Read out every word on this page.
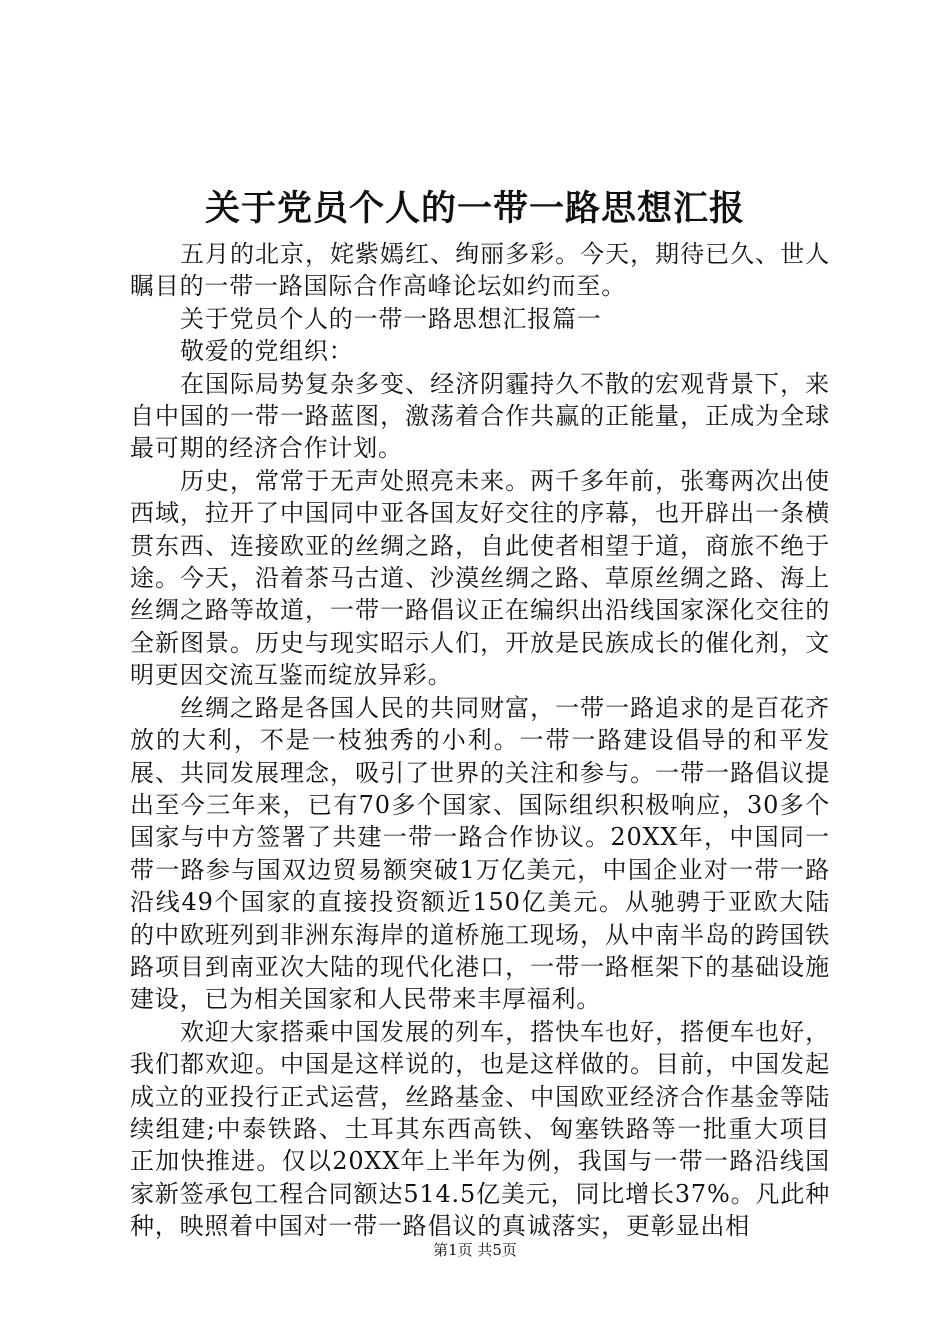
关于党员个人的一带一路思想汇报

五月的北京，姹紫嫣红、绚丽多彩。今天，期待已久、世人瞩目的一带一路国际合作高峰论坛如约而至。

关于党员个人的一带一路思想汇报篇一

敬爱的党组织：

在国际局势复杂多变、经济阴霾持久不散的宏观背景下，来自中国的一带一路蓝图，激荡着合作共赢的正能量，正成为全球最可期的经济合作计划。

历史，常常于无声处照亮未来。两千多年前，张骞两次出使西域，拉开了中国同中亚各国友好交往的序幕，也开辟出一条横贯东西、连接欧亚的丝绸之路，自此使者相望于道，商旅不绝于途。今天，沿着茶马古道、沙漠丝绸之路、草原丝绸之路、海上丝绸之路等故道，一带一路倡议正在编织出沿线国家深化交往的全新图景。历史与现实昭示人们，开放是民族成长的催化剂，文明更因交流互鉴而绽放异彩。

丝绸之路是各国人民的共同财富，一带一路追求的是百花齐放的大利，不是一枝独秀的小利。一带一路建设倡导的和平发展、共同发展理念，吸引了世界的关注和参与。一带一路倡议提出至今三年来，已有70多个国家、国际组织积极响应，30多个国家与中方签署了共建一带一路合作协议。20XX年，中国同一带一路参与国双边贸易额突破1万亿美元，中国企业对一带一路沿线49个国家的直接投资额近150亿美元。从驰骋于亚欧大陆的中欧班列到非洲东海岸的道桥施工现场，从中南半岛的跨国铁路项目到南亚次大陆的现代化港口，一带一路框架下的基础设施建设，已为相关国家和人民带来丰厚福利。

欢迎大家搭乘中国发展的列车，搭快车也好，搭便车也好，我们都欢迎。中国是这样说的，也是这样做的。目前，中国发起成立的亚投行正式运营，丝路基金、中国欧亚经济合作基金等陆续组建;中泰铁路、土耳其东西高铁、匈塞铁路等一批重大项目正加快推进。仅以20XX年上半年为例，我国与一带一路沿线国家新签承包工程合同额达514.5亿美元，同比增长37%。凡此种种，映照着中国对一带一路倡议的真诚落实，更彰显出相

第1页 共5页
